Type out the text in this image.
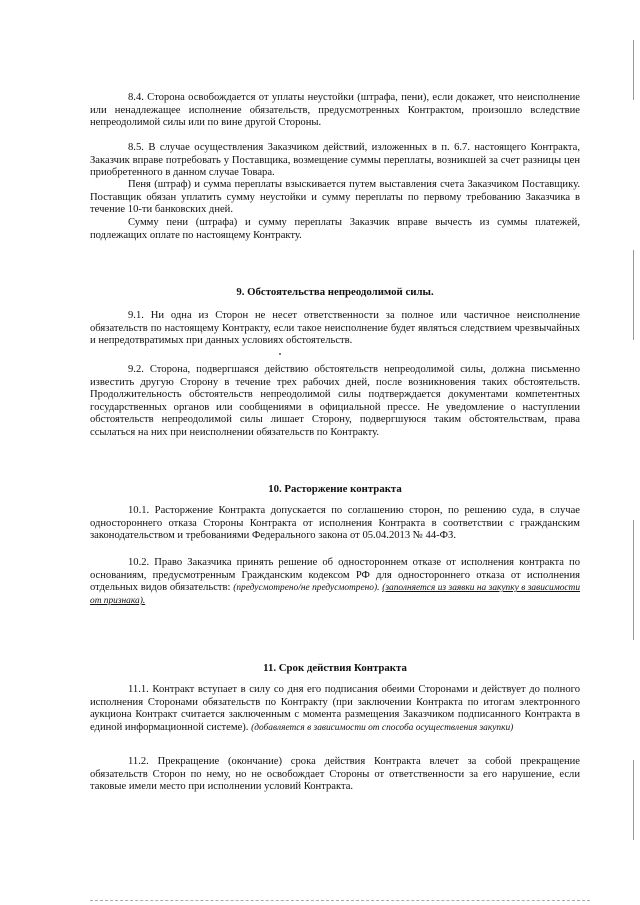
8.4. Сторона освобождается от уплаты неустойки (штрафа, пени), если докажет, что неисполнение или ненадлежащее исполнение обязательств, предусмотренных Контрактом, произошло вследствие непреодолимой силы или по вине другой Стороны.

8.5. В случае осуществления Заказчиком действий, изложенных в п. 6.7. настоящего Контракта, Заказчик вправе потребовать у Поставщика, возмещение суммы переплаты, возникшей за счет разницы цен приобретенного в данном случае Товара.

Пеня (штраф) и сумма переплаты взыскивается путем выставления счета Заказчиком Поставщику. Поставщик обязан уплатить сумму неустойки и сумму переплаты по первому требованию Заказчика в течение 10-ти банковских дней.

Сумму пени (штрафа) и сумму переплаты Заказчик вправе вычесть из суммы платежей, подлежащих оплате по настоящему Контракту.

9. Обстоятельства непреодолимой силы.

9.1. Ни одна из Сторон не несет ответственности за полное или частичное неисполнение обязательств по настоящему Контракту, если такое неисполнение будет являться следствием чрезвычайных и непредотвратимых при данных условиях обстоятельств.

9.2. Сторона, подвергшаяся действию обстоятельств непреодолимой силы, должна письменно известить другую Сторону в течение трех рабочих дней, после возникновения таких обстоятельств. Продолжительность обстоятельств непреодолимой силы подтверждается документами компетентных государственных органов или сообщениями в официальной прессе. Не уведомление о наступлении обстоятельств непреодолимой силы лишает Сторону, подвергшуюся таким обстоятельствам, права ссылаться на них при неисполнении обязательств по Контракту.

10. Расторжение контракта

10.1. Расторжение Контракта допускается по соглашению сторон, по решению суда, в случае одностороннего отказа Стороны Контракта от исполнения Контракта в соответствии с гражданским законодательством и требованиями Федерального закона от 05.04.2013 № 44-ФЗ.

10.2. Право Заказчика принять решение об одностороннем отказе от исполнения контракта по основаниям, предусмотренным Гражданским кодексом РФ для одностороннего отказа от исполнения отдельных видов обязательств: (предусмотрено/не предусмотрено). (заполняется из заявки на закупку в зависимости от признака).

11. Срок действия Контракта

11.1. Контракт вступает в силу со дня его подписания обеими Сторонами и действует до полного исполнения Сторонами обязательств по Контракту (при заключении Контракта по итогам электронного аукциона Контракт считается заключенным с момента размещения Заказчиком подписанного Контракта в единой информационной системе). (добавляется в зависимости от способа осуществления закупки)

11.2. Прекращение (окончание) срока действия Контракта влечет за собой прекращение обязательств Сторон по нему, но не освобождает Стороны от ответственности за его нарушение, если таковые имели место при исполнении условий Контракта.
